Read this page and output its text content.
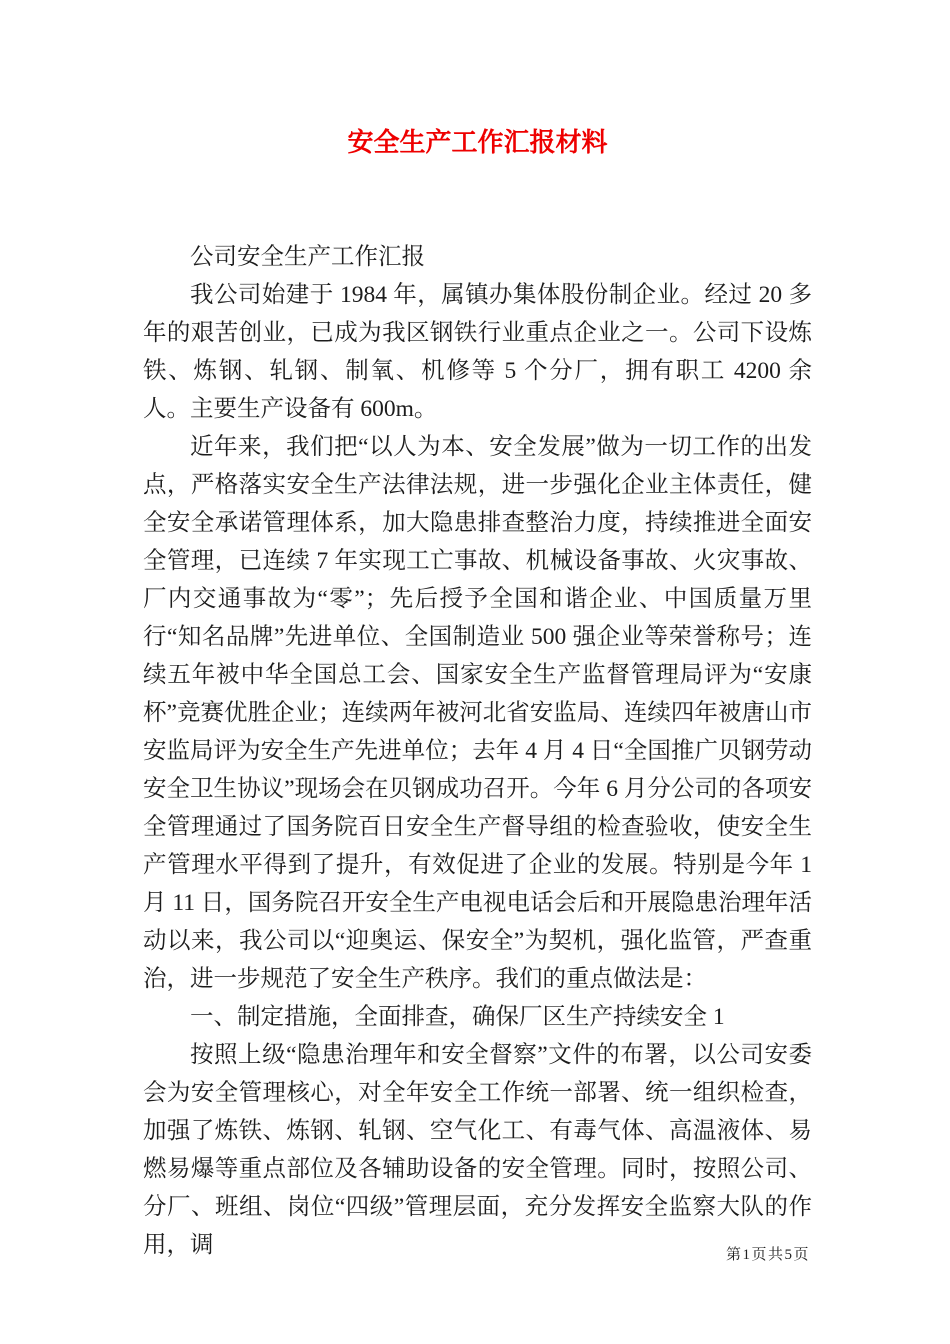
安全生产工作汇报材料

公司安全生产工作汇报

我公司始建于 1984 年，属镇办集体股份制企业。经过 20 多年的艰苦创业，已成为我区钢铁行业重点企业之一。公司下设炼铁、炼钢、轧钢、制氧、机修等 5 个分厂，拥有职工 4200 余人。主要生产设备有 600m。

近年来，我们把“以人为本、安全发展”做为一切工作的出发点，严格落实安全生产法律法规，进一步强化企业主体责任，健全安全承诺管理体系，加大隐患排查整治力度，持续推进全面安全管理，已连续 7 年实现工亡事故、机械设备事故、火灾事故、厂内交通事故为“零”；先后授予全国和谐企业、中国质量万里行“知名品牌”先进单位、全国制造业 500 强企业等荣誉称号；连续五年被中华全国总工会、国家安全生产监督管理局评为“安康杯”竞赛优胜企业；连续两年被河北省安监局、连续四年被唐山市安监局评为安全生产先进单位；去年 4 月 4 日“全国推广贝钢劳动安全卫生协议”现场会在贝钢成功召开。今年 6 月分公司的各项安全管理通过了国务院百日安全生产督导组的检查验收，使安全生产管理水平得到了提升，有效促进了企业的发展。特别是今年 1 月 11 日，国务院召开安全生产电视电话会后和开展隐患治理年活动以来，我公司以“迎奥运、保安全”为契机，强化监管，严查重治，进一步规范了安全生产秩序。我们的重点做法是：

一、制定措施，全面排查，确保厂区生产持续安全 1

按照上级“隐患治理年和安全督察”文件的布署，以公司安委会为安全管理核心，对全年安全工作统一部署、统一组织检查，加强了炼铁、炼钢、轧钢、空气化工、有毒气体、高温液体、易燃易爆等重点部位及各辅助设备的安全管理。同时，按照公司、分厂、班组、岗位“四级”管理层面，充分发挥安全监察大队的作用，调	第1页共5页
